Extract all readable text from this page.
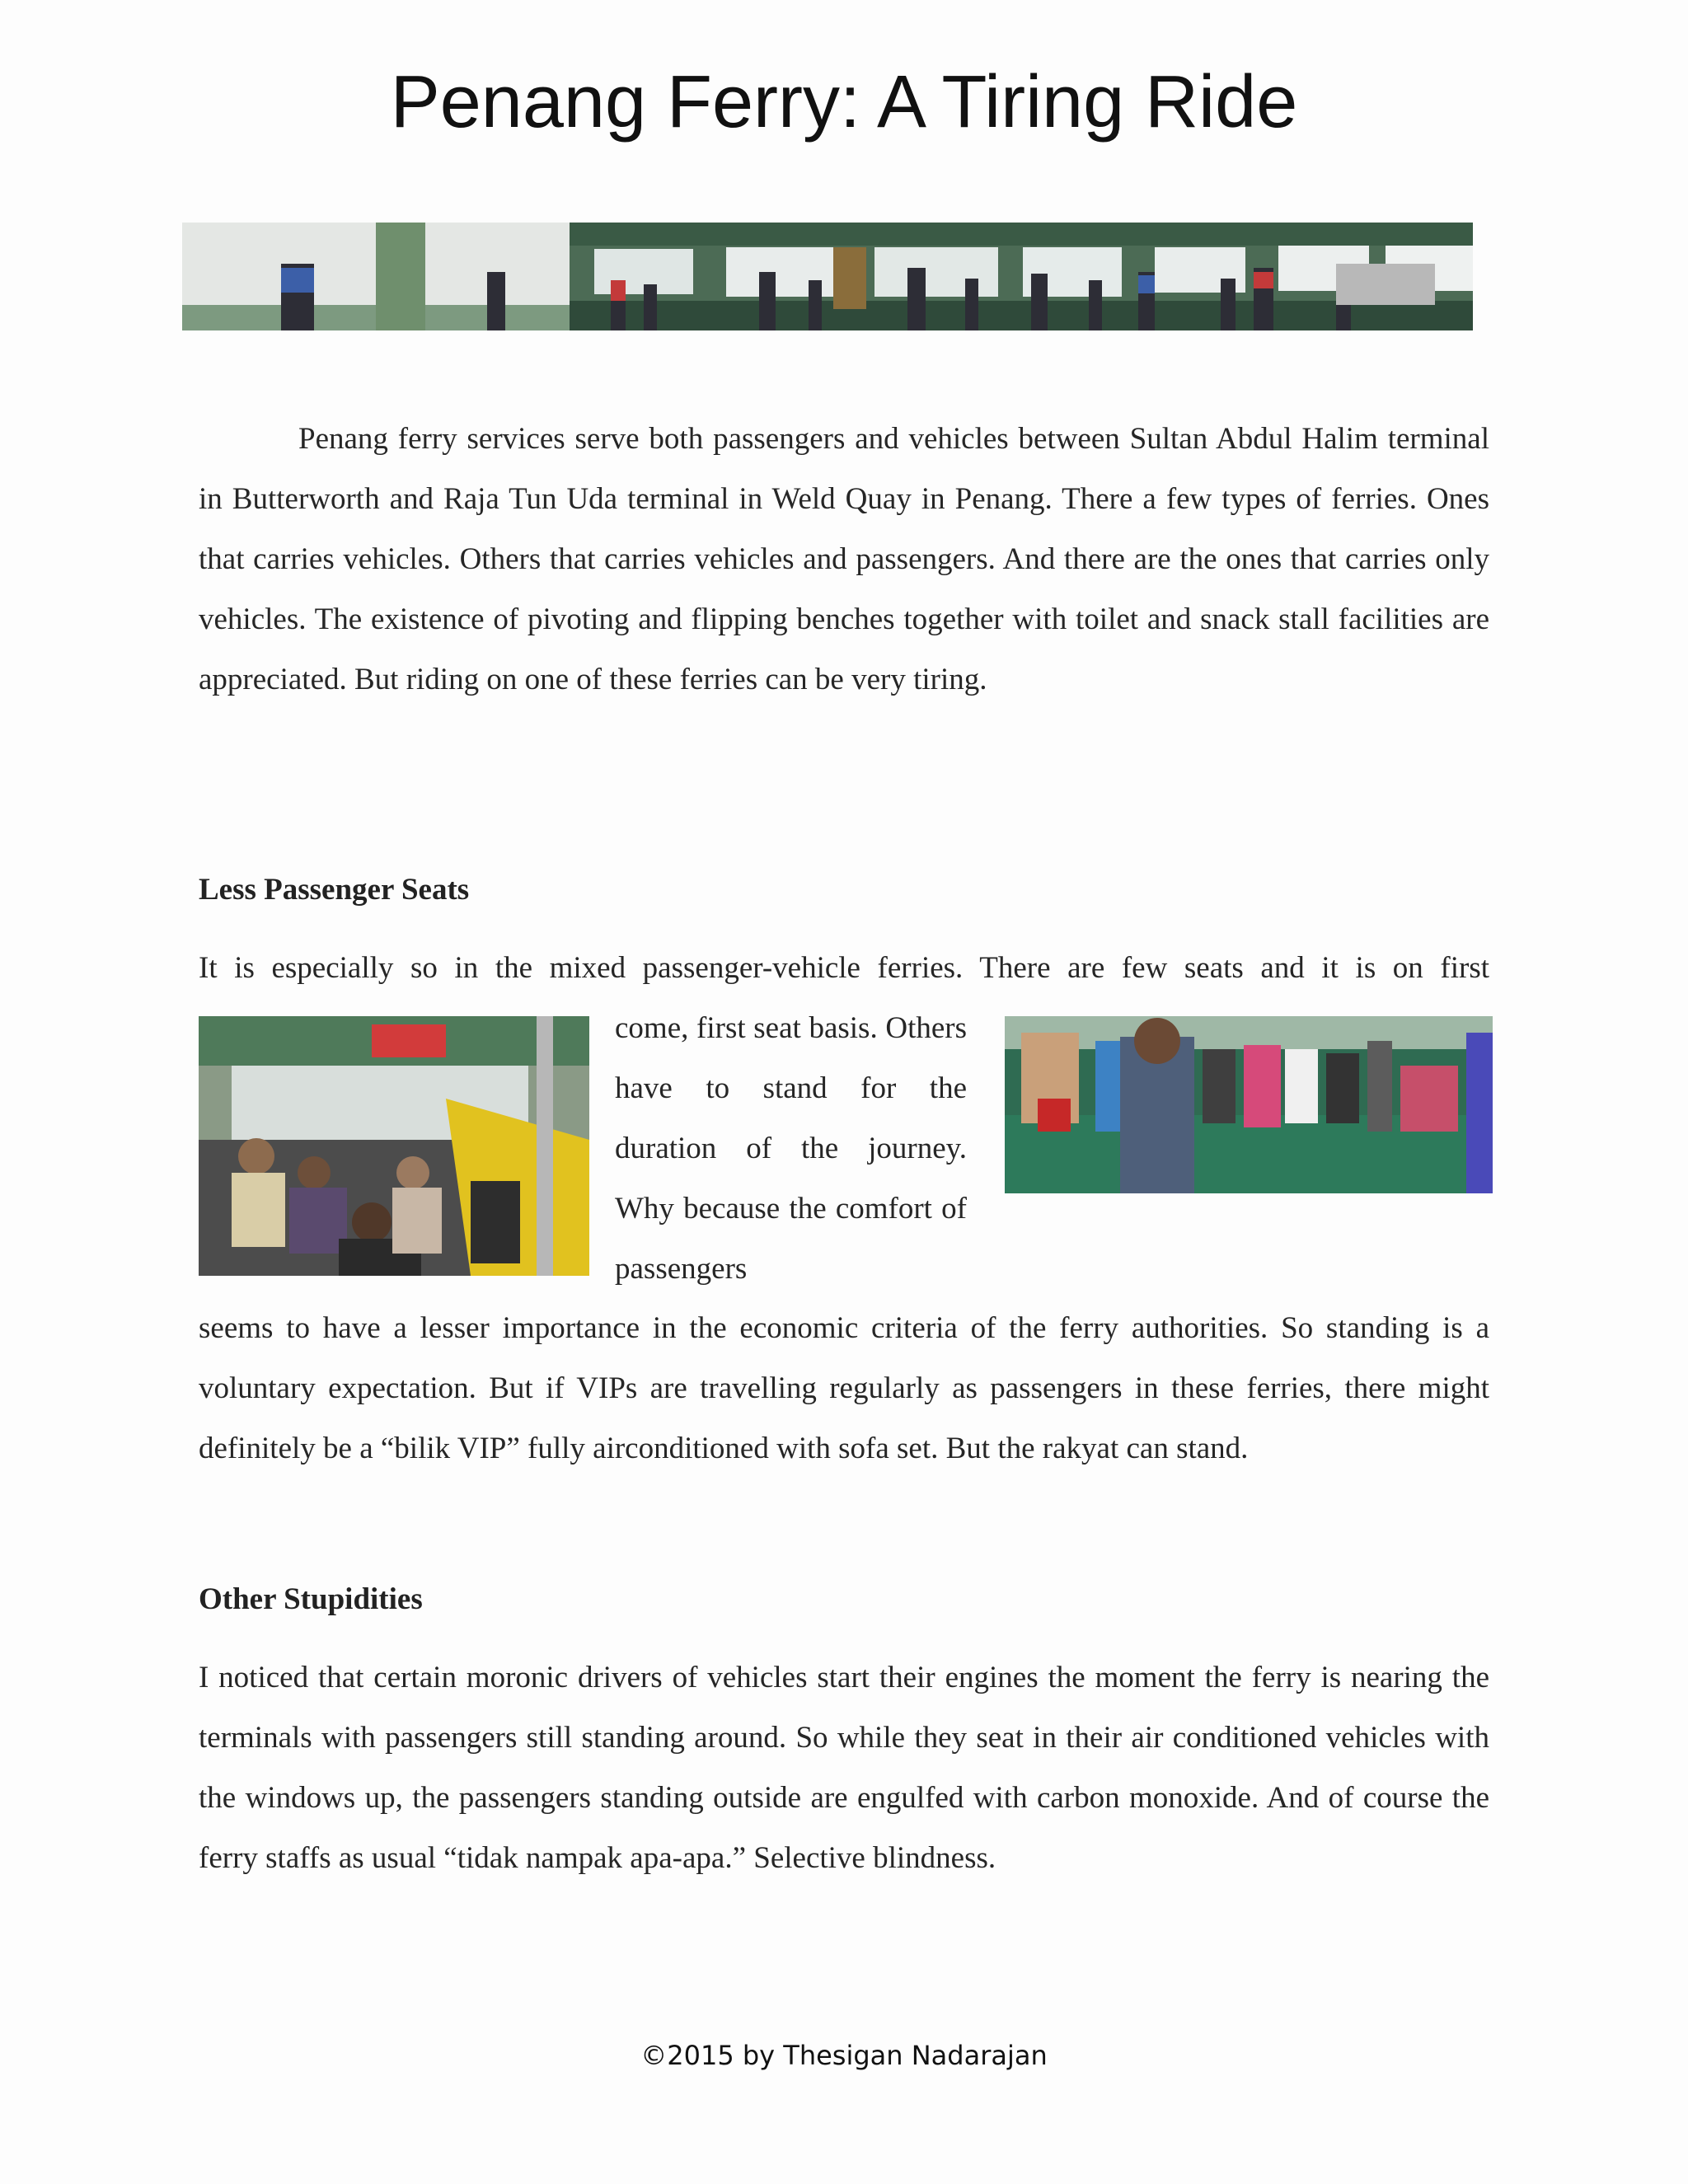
Penang Ferry: A Tiring Ride

Penang ferry services serve both passengers and vehicles between Sultan Abdul Halim terminal in Butterworth and Raja Tun Uda terminal in Weld Quay in Penang. There a few types of ferries. Ones that carries vehicles. Others that carries vehicles and passengers. And there are the ones that carries only vehicles. The existence of pivoting and flipping benches together with toilet and snack stall facilities are appreciated. But riding on one of these ferries can be very tiring.

Less Passenger Seats

It is especially so in the mixed passenger-vehicle ferries. There are few seats and it is on first

come, first seat basis. Others have to stand for the duration of the journey. Why because the comfort of passengers

seems to have a lesser importance in the economic criteria of the ferry authorities. So standing is a voluntary expectation. But if VIPs are travelling regularly as passengers in these ferries, there might definitely be a “bilik VIP” fully airconditioned with sofa set. But the rakyat can stand.

Other Stupidities

I noticed that certain moronic drivers of vehicles start their engines the moment the ferry is nearing the terminals with passengers still standing around. So while they seat in their air conditioned vehicles with the windows up, the passengers standing outside are engulfed with carbon monoxide. And of course the ferry staffs as usual “tidak nampak apa-apa.” Selective blindness.

©2015 by Thesigan Nadarajan
